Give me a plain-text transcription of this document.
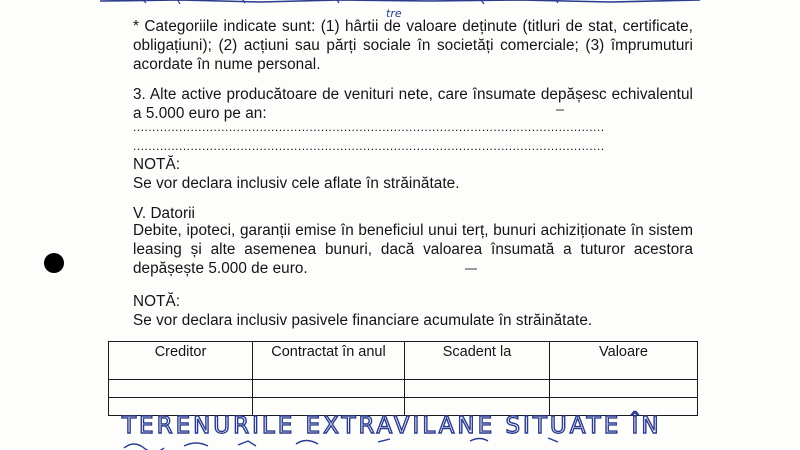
tre
* Categoriile indicate sunt: (1) hârtii de valoare deținute (titluri de stat, certificate, obligațiuni); (2) acțiuni sau părți sociale în societăți comerciale; (3) împrumuturi acordate în nume personal.
3. Alte active producătoare de venituri nete, care însumate depășesc echivalentul a 5.000 euro pe an:
...........................................................................................................................
...........................................................................................................................
NOTĂ:
Se vor declara inclusiv cele aflate în străinătate.
V. Datorii
Debite, ipoteci, garanții emise în beneficiul unui terț, bunuri achiziționate în sistem leasing și alte asemenea bunuri, dacă valoarea însumată a tuturor acestora depășește 5.000 de euro.
NOTĂ:
Se vor declara inclusiv pasivele financiare acumulate în străinătate.
Creditor	Contractat în anul	Scadent la	Valoare

TERENURILE EXTRAVILANE SITUATE ÎN
